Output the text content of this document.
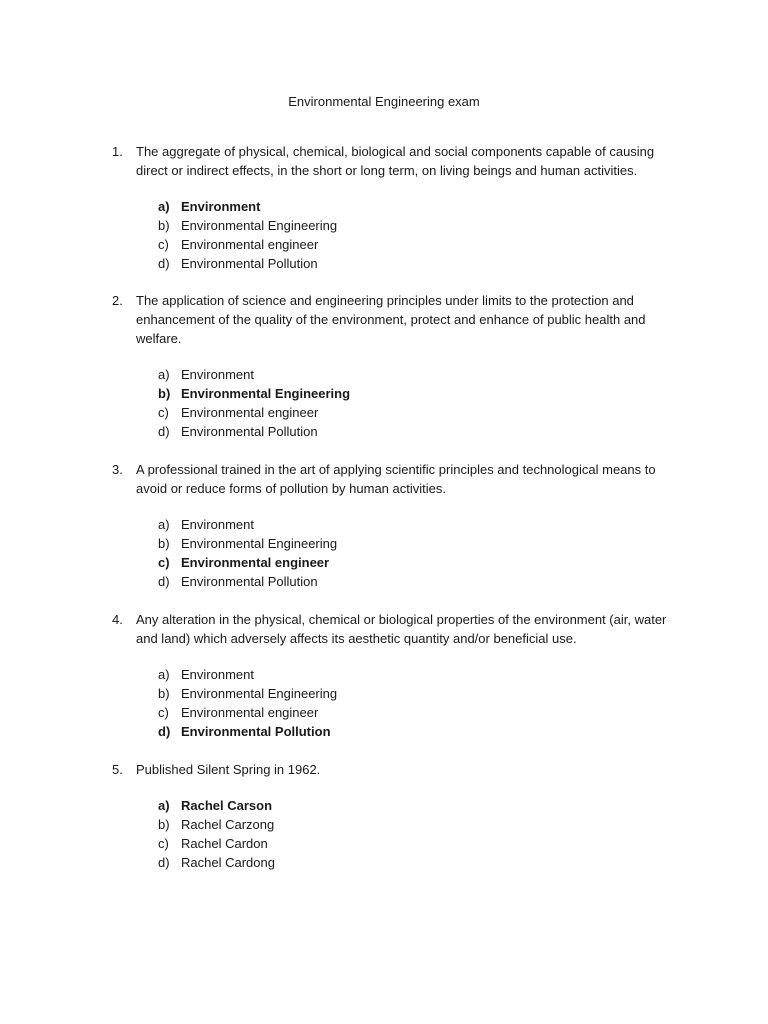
Environmental Engineering exam
1.	The aggregate of physical, chemical, biological and social components capable of causing direct or indirect effects, in the short or long term, on living beings and human activities.
a) Environment
b) Environmental Engineering
c) Environmental engineer
d) Environmental Pollution
2.	The application of science and engineering principles under limits to the protection and enhancement of the quality of the environment, protect and enhance of public health and welfare.
a) Environment
b) Environmental Engineering
c) Environmental engineer
d) Environmental Pollution
3.	A professional trained in the art of applying scientific principles and technological means to avoid or reduce forms of pollution by human activities.
a) Environment
b) Environmental Engineering
c) Environmental engineer
d) Environmental Pollution
4.	Any alteration in the physical, chemical or biological properties of the environment (air, water and land) which adversely affects its aesthetic quantity and/or beneficial use.
a) Environment
b) Environmental Engineering
c) Environmental engineer
d) Environmental Pollution
5.	Published Silent Spring in 1962.
a) Rachel Carson
b) Rachel Carzong
c) Rachel Cardon
d) Rachel Cardong
